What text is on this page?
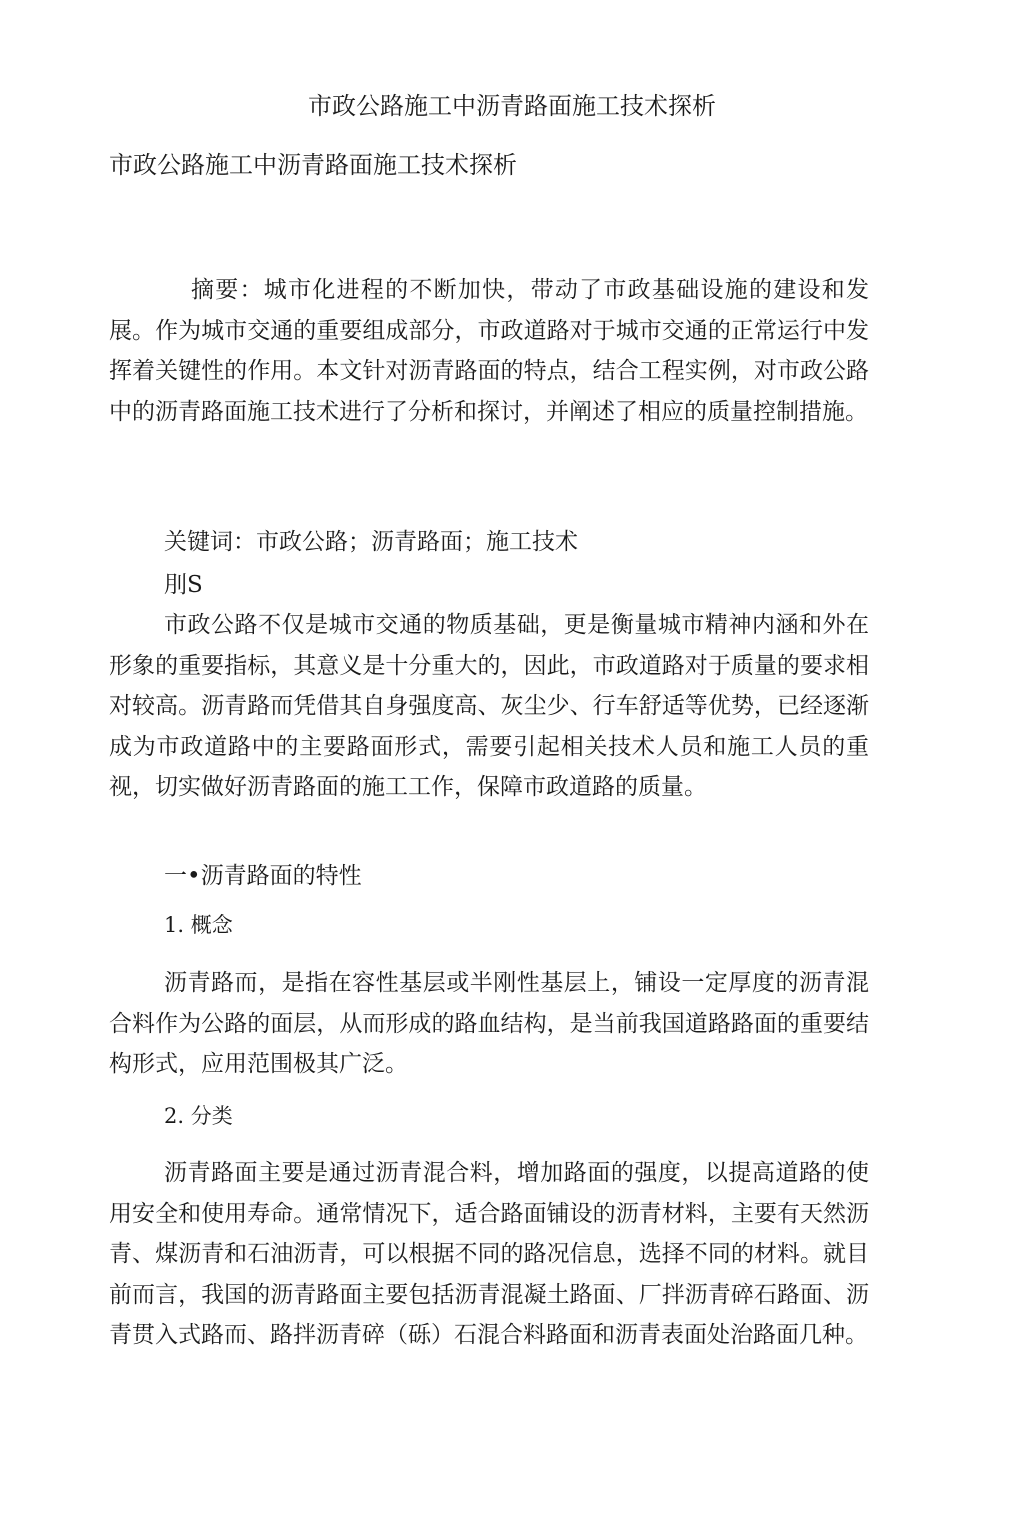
市政公路施工中沥青路面施工技术探析
市政公路施工中沥青路面施工技术探析
摘要：城市化进程的不断加快，带动了市政基础设施的建设和发展。作为城市交通的重要组成部分，市政道路对于城市交通的正常运行中发挥着关键性的作用。本文针对沥青路面的特点，结合工程实例，对市政公路中的沥青路面施工技术进行了分析和探讨，并阐述了相应的质量控制措施。
关键词：市政公路；沥青路面；施工技术
刖S
市政公路不仅是城市交通的物质基础，更是衡量城市精神内涵和外在形象的重要指标，其意义是十分重大的，因此，市政道路对于质量的要求相对较高。沥青路而凭借其自身强度高、灰尘少、行车舒适等优势，已经逐渐成为市政道路中的主要路面形式，需要引起相关技术人员和施工人员的重视，切实做好沥青路面的施工工作，保障市政道路的质量。
一•沥青路面的特性
1. 概念
沥青路而，是指在容性基层或半刚性基层上，铺设一定厚度的沥青混合料作为公路的面层，从而形成的路血结构，是当前我国道路路面的重要结构形式，应用范围极其广泛。
2. 分类
沥青路面主要是通过沥青混合料，增加路面的强度，以提高道路的使用安全和使用寿命。通常情况下，适合路面铺设的沥青材料，主要有天然沥青、煤沥青和石油沥青，可以根据不同的路况信息，选择不同的材料。就目前而言，我国的沥青路面主要包括沥青混凝土路面、厂拌沥青碎石路面、沥青贯入式路而、路拌沥青碎（砾）石混合料路面和沥青表面处治路面几种。
